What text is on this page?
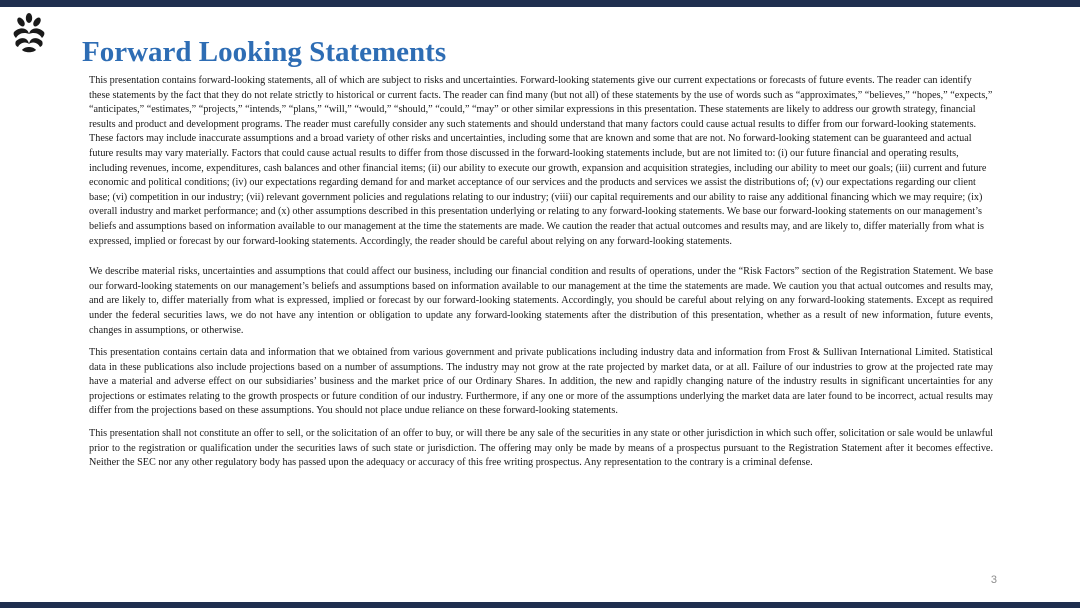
Forward Looking Statements

This presentation contains forward-looking statements, all of which are subject to risks and uncertainties. Forward-looking statements give our current expectations or forecasts of future events. The reader can identify these statements by the fact that they do not relate strictly to historical or current facts. The reader can find many (but not all) of these statements by the use of words such as “approximates,” “believes,” “hopes,” “expects,” “anticipates,” “estimates,” “projects,” “intends,” “plans,” “will,” “would,” “should,” “could,” “may” or other similar expressions in this presentation. These statements are likely to address our growth strategy, financial results and product and development programs. The reader must carefully consider any such statements and should understand that many factors could cause actual results to differ from our forward-looking statements. These factors may include inaccurate assumptions and a broad variety of other risks and uncertainties, including some that are known and some that are not. No forward-looking statement can be guaranteed and actual future results may vary materially. Factors that could cause actual results to differ from those discussed in the forward-looking statements include, but are not limited to: (i) our future financial and operating results, including revenues, income, expenditures, cash balances and other financial items; (ii) our ability to execute our growth, expansion and acquisition strategies, including our ability to meet our goals; (iii) current and future economic and political conditions; (iv) our expectations regarding demand for and market acceptance of our services and the products and services we assist the distributions of; (v) our expectations regarding our client base; (vi) competition in our industry; (vii) relevant government policies and regulations relating to our industry; (viii) our capital requirements and our ability to raise any additional financing which we may require; (ix) overall industry and market performance; and (x) other assumptions described in this presentation underlying or relating to any forward-looking statements. We base our forward-looking statements on our management’s beliefs and assumptions based on information available to our management at the time the statements are made. We caution the reader that actual outcomes and results may, and are likely to, differ materially from what is expressed, implied or forecast by our forward-looking statements. Accordingly, the reader should be careful about relying on any forward-looking statements.

We describe material risks, uncertainties and assumptions that could affect our business, including our financial condition and results of operations, under the “Risk Factors” section of the Registration Statement. We base our forward-looking statements on our management’s beliefs and assumptions based on information available to our management at the time the statements are made. We caution you that actual outcomes and results may, and are likely to, differ materially from what is expressed, implied or forecast by our forward-looking statements. Accordingly, you should be careful about relying on any forward-looking statements. Except as required under the federal securities laws, we do not have any intention or obligation to update any forward-looking statements after the distribution of this presentation, whether as a result of new information, future events, changes in assumptions, or otherwise.

This presentation contains certain data and information that we obtained from various government and private publications including industry data and information from Frost & Sullivan International Limited. Statistical data in these publications also include projections based on a number of assumptions. The industry may not grow at the rate projected by market data, or at all. Failure of our industries to grow at the projected rate may have a material and adverse effect on our subsidiaries’ business and the market price of our Ordinary Shares. In addition, the new and rapidly changing nature of the industry results in significant uncertainties for any projections or estimates relating to the growth prospects or future condition of our industry. Furthermore, if any one or more of the assumptions underlying the market data are later found to be incorrect, actual results may differ from the projections based on these assumptions. You should not place undue reliance on these forward-looking statements.

This presentation shall not constitute an offer to sell, or the solicitation of an offer to buy, or will there be any sale of the securities in any state or other jurisdiction in which such offer, solicitation or sale would be unlawful prior to the registration or qualification under the securities laws of such state or jurisdiction. The offering may only be made by means of a prospectus pursuant to the Registration Statement after it becomes effective. Neither the SEC nor any other regulatory body has passed upon the adequacy or accuracy of this free writing prospectus. Any representation to the contrary is a criminal defense.

3
